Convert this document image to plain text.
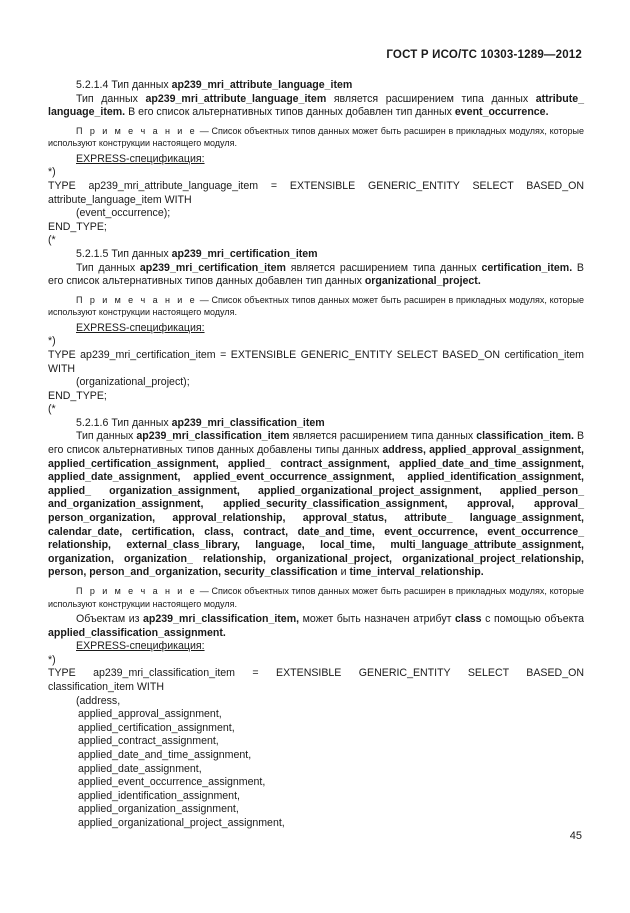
ГОСТ Р ИСО/ТС 10303-1289—2012

5.2.1.4 Тип данных ap239_mri_attribute_language_item

Тип данных ap239_mri_attribute_language_item является расширением типа данных attribute_ language_item. В его список альтернативных типов данных добавлен тип данных event_occurrence.

П р и м е ч а н и е — Список объектных типов данных может быть расширен в прикладных модулях, которые используют конструкции настоящего модуля.

EXPRESS-спецификация:

*)

TYPE ap239_mri_attribute_language_item = EXTENSIBLE GENERIC_ENTITY SELECT BASED_ON attribute_language_item WITH

(event_occurrence);

END_TYPE;

(*

5.2.1.5 Тип данных ap239_mri_certification_item

Тип данных ap239_mri_certification_item является расширением типа данных certification_item. В его список альтернативных типов данных добавлен тип данных organizational_project.

П р и м е ч а н и е — Список объектных типов данных может быть расширен в прикладных модулях, которые используют конструкции настоящего модуля.

EXPRESS-спецификация:

*)

TYPE ap239_mri_certification_item = EXTENSIBLE GENERIC_ENTITY SELECT BASED_ON certification_item WITH

(organizational_project);

END_TYPE;

(*

5.2.1.6 Тип данных ap239_mri_classification_item

Тип данных ap239_mri_classification_item является расширением типа данных classification_item. В его список альтернативных типов данных добавлены типы данных address, applied_approval_assignment, applied_certification_assignment, applied_ contract_assignment, applied_date_and_time_assignment, applied_date_assignment, applied_event_occurrence_assignment, applied_identification_assignment, applied_ organization_assignment, applied_organizational_project_assignment, applied_person_ and_organization_assignment, applied_security_classification_assignment, approval, approval_ person_organization, approval_relationship, approval_status, attribute_ language_assignment, calendar_date, certification, class, contract, date_and_time, event_occurrence, event_occurrence_ relationship, external_class_library, language, local_time, multi_language_attribute_assignment, organization, organization_ relationship, organizational_project, organizational_project_relationship, person, person_and_organization, security_classification и time_interval_relationship.

П р и м е ч а н и е — Список объектных типов данных может быть расширен в прикладных модулях, которые используют конструкции настоящего модуля.

Объектам из ap239_mri_classification_item, может быть назначен атрибут class с помощью объекта applied_classification_assignment.

EXPRESS-спецификация:

*)

TYPE ap239_mri_classification_item = EXTENSIBLE GENERIC_ENTITY SELECT BASED_ON classification_item WITH

(address,

applied_approval_assignment,

applied_certification_assignment,

applied_contract_assignment,

applied_date_and_time_assignment,

applied_date_assignment,

applied_event_occurrence_assignment,

applied_identification_assignment,

applied_organization_assignment,

applied_organizational_project_assignment,

45
